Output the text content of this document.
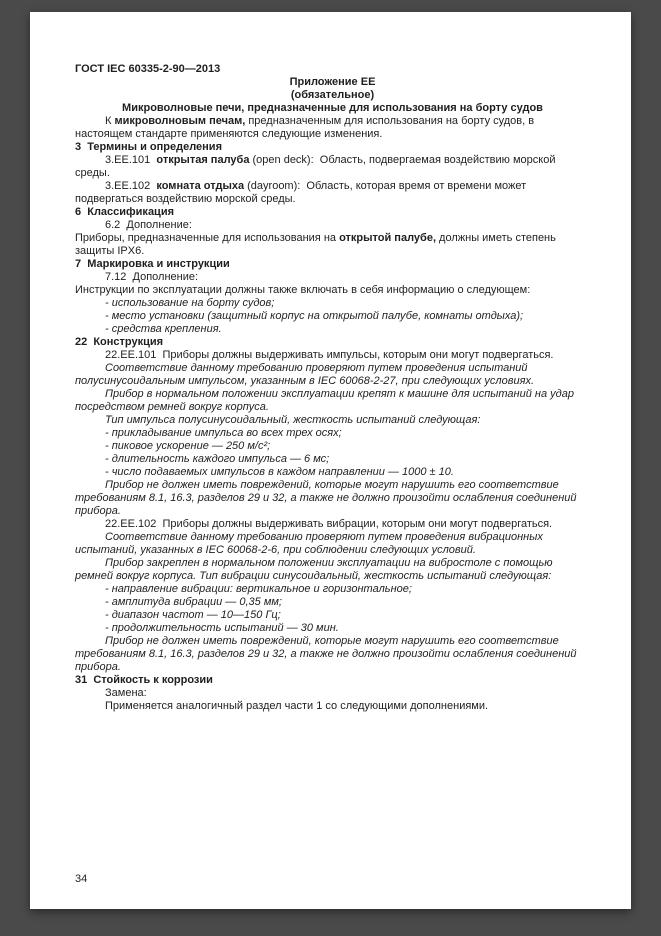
ГОСТ IEC 60335-2-90—2013

Приложение ЕЕ

(обязательное)

Микроволновые печи, предназначенные для использования на борту судов

К микроволновым печам, предназначенным для использования на борту судов, в настоящем стандарте применяются следующие изменения.

3  Термины и определения

3.ЕЕ.101  открытая палуба (open deck):  Область, подвергаемая воздействию морской среды.

3.ЕЕ.102  комната отдыха (dayroom):  Область, которая время от времени может подвергаться воздействию морской среды.

6  Классификация

6.2  Дополнение:

Приборы, предназначенные для использования на открытой палубе, должны иметь степень защиты IPX6.

7  Маркировка и инструкции

7.12  Дополнение:

Инструкции по эксплуатации должны также включать в себя информацию о следующем:

- использование на борту судов;

- место установки (защитный корпус на открытой палубе, комнаты отдыха);

- средства крепления.

22  Конструкция

22.ЕЕ.101  Приборы должны выдерживать импульсы, которым они могут подвергаться.

Соответствие данному требованию проверяют путем проведения испытаний полусинусоидальным импульсом, указанным в IEC 60068-2-27, при следующих условиях.

Прибор в нормальном положении эксплуатации крепят к машине для испытаний на удар посредством ремней вокруг корпуса.

Тип импульса полусинусоидальный, жесткость испытаний следующая:

- прикладывание импульса во всех трех осях;

- пиковое ускорение — 250 м/с²;

- длительность каждого импульса — 6 мс;

- число подаваемых импульсов в каждом направлении — 1000 ± 10.

Прибор не должен иметь повреждений, которые могут нарушить его соответствие требованиям 8.1, 16.3, разделов 29 и 32, а также не должно произойти ослабления соединений прибора.

22.ЕЕ.102  Приборы должны выдерживать вибрации, которым они могут подвергаться.

Соответствие данному требованию проверяют путем проведения вибрационных испытаний, указанных в IEC 60068-2-6, при соблюдении следующих условий.

Прибор закреплен в нормальном положении эксплуатации на вибростоле с помощью ремней вокруг корпуса. Тип вибрации синусоидальный, жесткость испытаний следующая:

- направление вибрации: вертикальное и горизонтальное;

- амплитуда вибрации — 0,35 мм;

- диапазон частот — 10—150 Гц;

- продолжительность испытаний — 30 мин.

Прибор не должен иметь повреждений, которые могут нарушить его соответствие требованиям 8.1, 16.3, разделов 29 и 32, а также не должно произойти ослабления соединений прибора.

31  Стойкость к коррозии

Замена:

Применяется аналогичный раздел части 1 со следующими дополнениями.

34
